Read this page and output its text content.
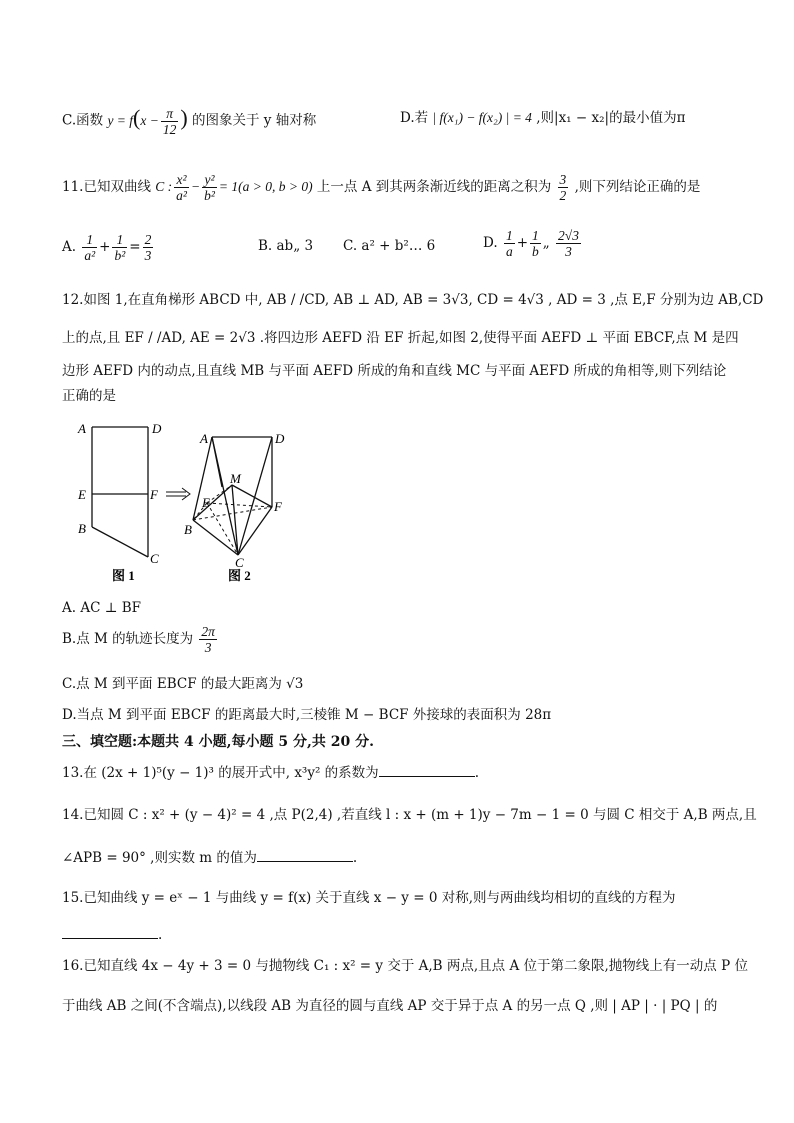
C.函数 $y = f(x - \frac{\pi}{12}$ ) 的图象关于 y 轴对称	D.若 | f(x₁) − f(x₂) | = 4 ,则|x₁ − x₂|的最小值为π
11.已知双曲线 C : $\frac{\text{x²}}{\text{a²}} - \frac{\text{y²}}{\text{b²}} = 1(a > 0$, b > 0) 上一点 A 到其两条渐近线的距离之积为 $\frac{3}{2}$ ,则下列结论正确的是
A. $\frac{1}{\text{a²}} + \frac{1}{\text{b²}} = \frac{2}{3}$	B. ab„ 3 C. a² + b²… 6	D. $\frac{1}{a} + \frac{1}{b}$ „ $\frac{2√3}{3}$
12.如图 1,在直角梯形 ABCD 中, AB / /CD, AB ⊥ AD, AB = 3√3, CD = 4√3 , AD = 3 ,点 E,F 分别为边 AB,CD
上的点,且 EF / /AD, AE = 2√3 .将四边形 AEFD 沿 EF 折起,如图 2,使得平面 AEFD ⊥ 平面 EBCF,点 M 是四
边形 AEFD 内的动点,且直线 MB 与平面 AEFD 所成的角和直线 MC 与平面 AEFD 所成的角相等,则下列结论
正确的是
A	D
E	F
B
C
图 1
A	D
M
E	F
B
C
图 2
A. AC ⊥ BF
B.点 M 的轨迹长度为 $\frac{2\pi}{3}$
C.点 M 到平面 EBCF 的最大距离为 √3
D.当点 M 到平面 EBCF 的距离最大时,三棱锥 M − BCF 外接球的表面积为 28π
三、填空题:本题共 4 小题,每小题 5 分,共 20 分.
13.在 (2x + 1)⁵(y − 1)³ 的展开式中, x³y² 的系数为	.
14.已知圆 C : x² + (y − 4)² = 4 ,点 P(2,4) ,若直线 l : x + (m + 1)y − 7m − 1 = 0 与圆 C 相交于 A,B 两点,且
∠APB = 90° ,则实数 m 的值为	.
15.已知曲线 y = eˣ − 1 与曲线 y = f(x) 关于直线 x − y = 0 对称,则与两曲线均相切的直线的方程为
.
16.已知直线 4x − 4y + 3 = 0 与抛物线 C₁ : x² = y 交于 A,B 两点,且点 A 位于第二象限,抛物线上有一动点 P 位
于曲线 AB 之间(不含端点),以线段 AB 为直径的圆与直线 AP 交于异于点 A 的另一点 Q ,则 | AP | · | PQ | 的
